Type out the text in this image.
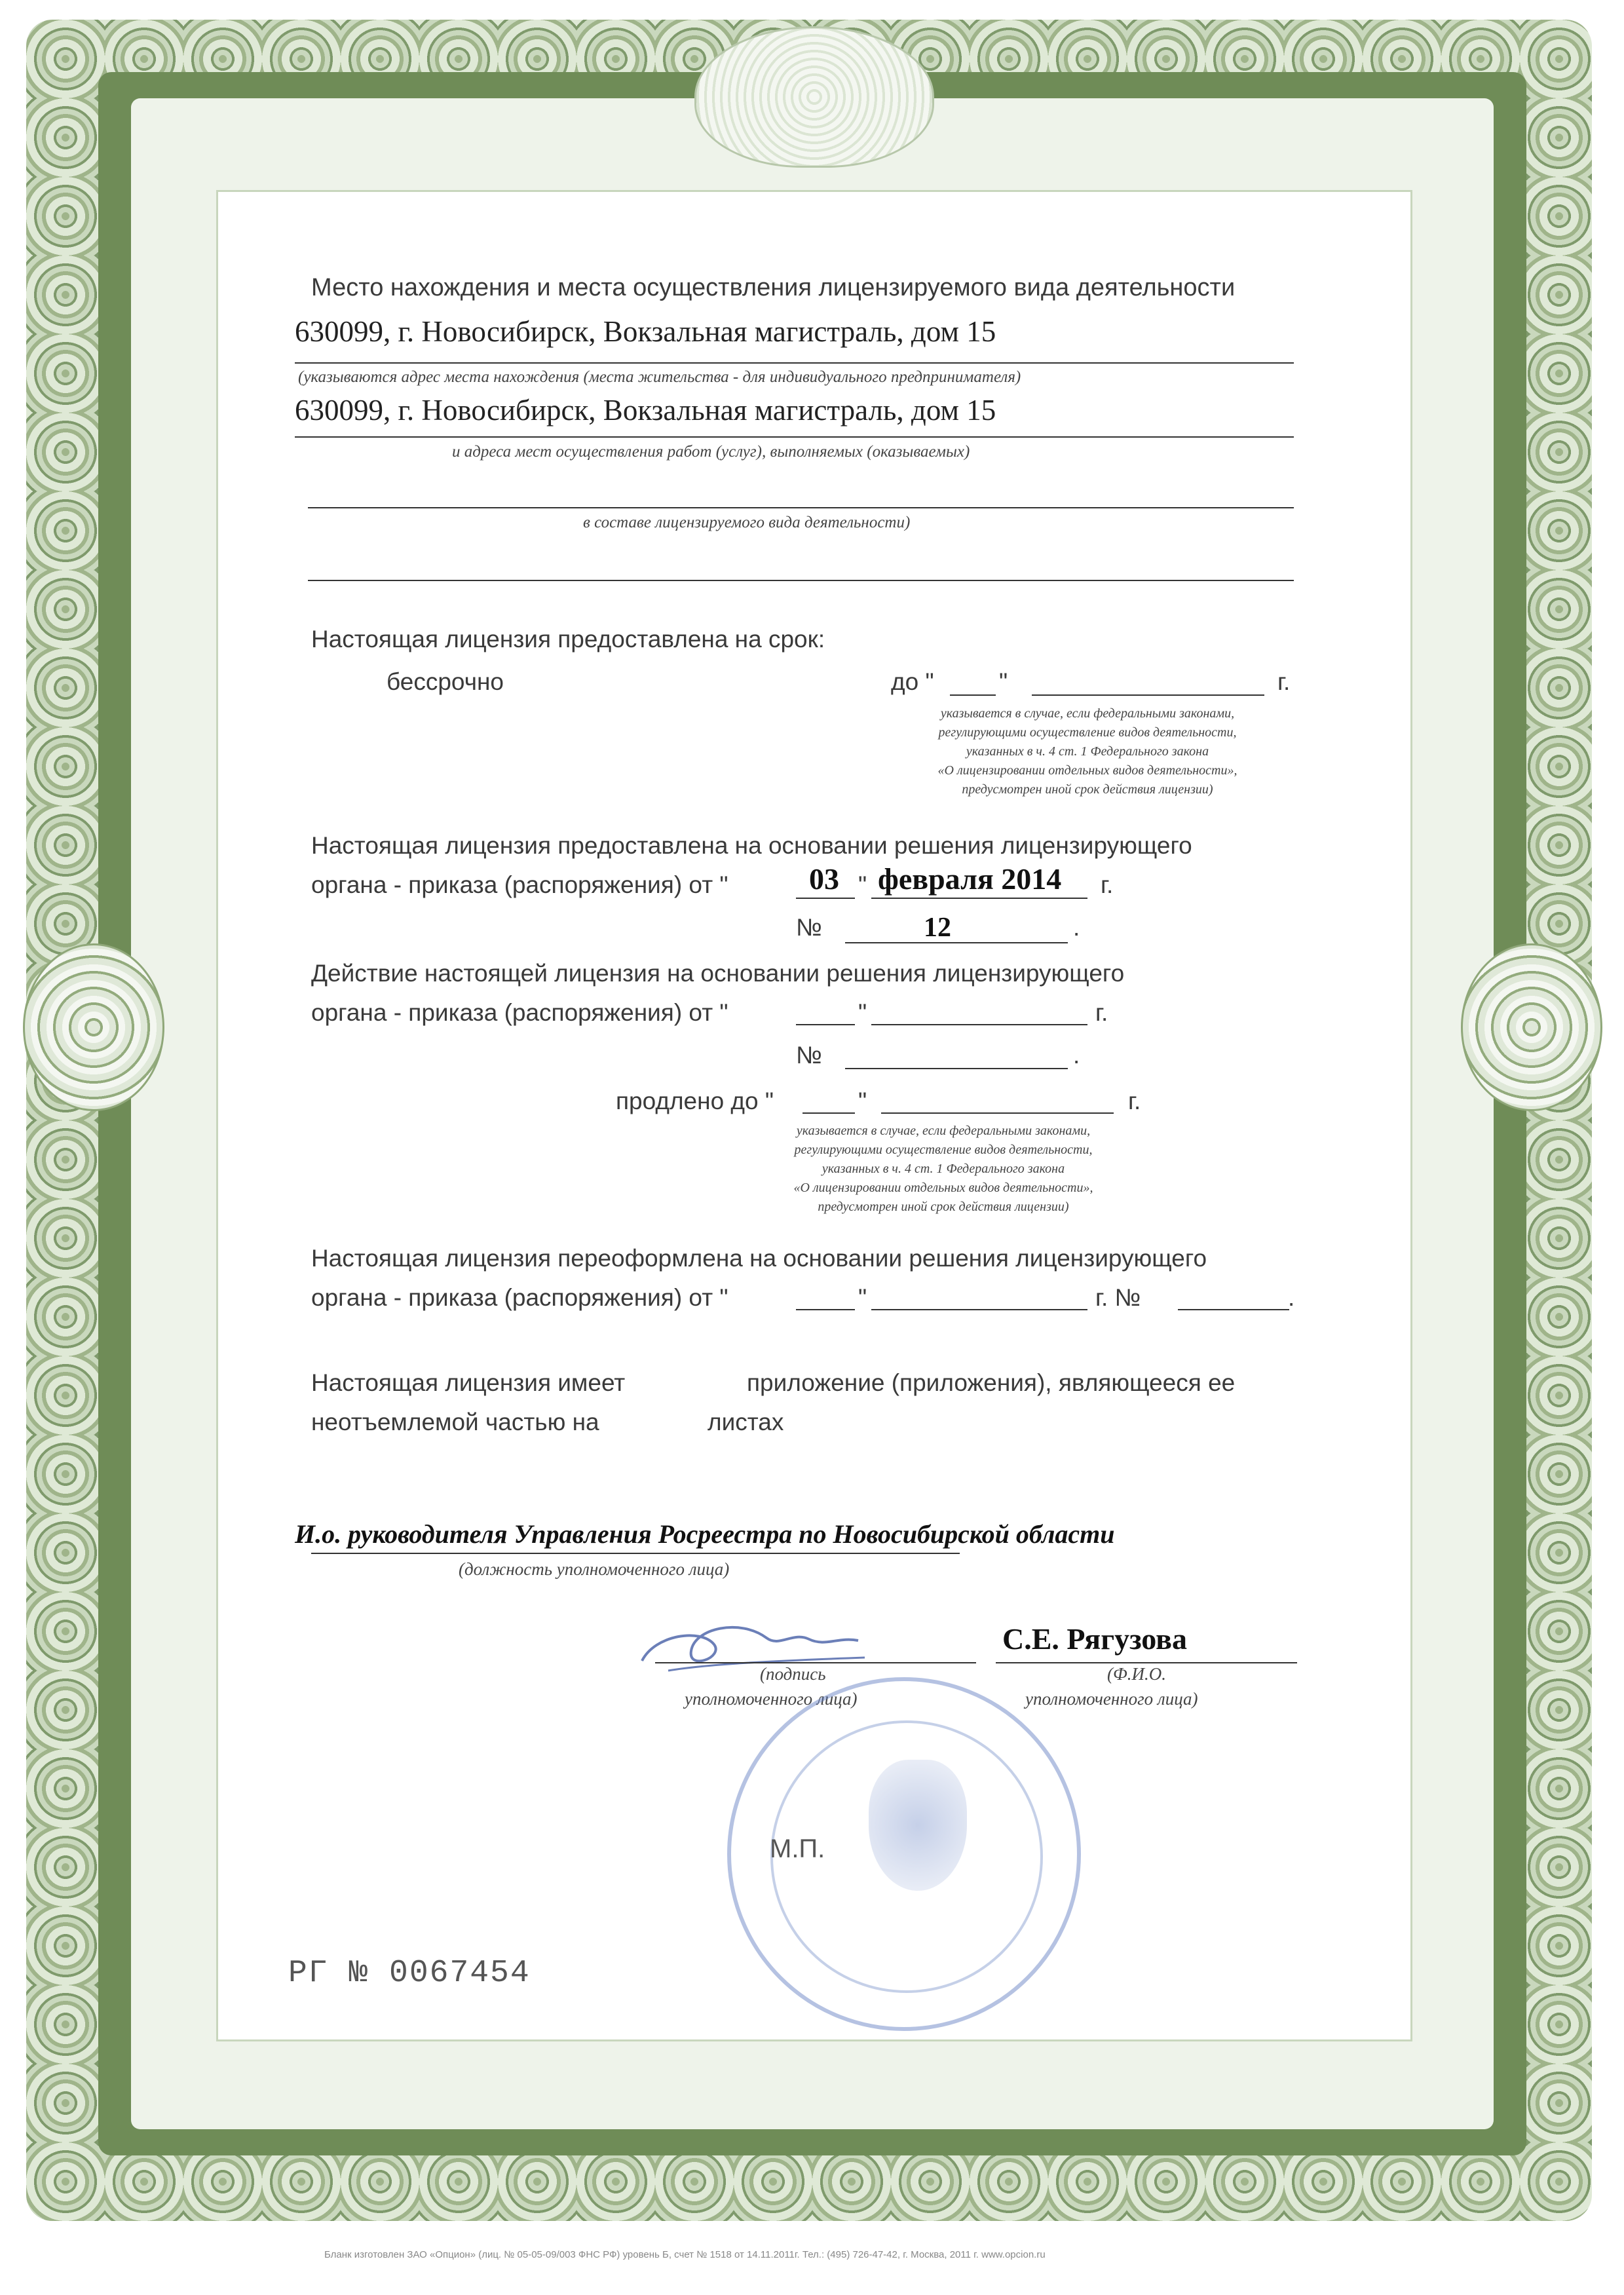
Место нахождения и места осуществления лицензируемого вида деятельности
630099, г. Новосибирск, Вокзальная магистраль, дом 15
(указываются адрес места нахождения (места жительства - для индивидуального предпринимателя)
630099, г. Новосибирск, Вокзальная магистраль, дом 15
и адреса мест осуществления работ (услуг), выполняемых (оказываемых)
в составе лицензируемого вида деятельности)
Настоящая лицензия предоставлена на срок:
бессрочно	до "	"	г.
указывается в случае, если федеральными законами,
регулирующими осуществление видов деятельности,
указанных в ч. 4 ст. 1 Федерального закона
«О лицензировании отдельных видов деятельности»,
предусмотрен иной срок действия лицензии)
Настоящая лицензия предоставлена на основании решения лицензирующего
органа - приказа (распоряжения) от "	03 " февраля 2014 г.
№	12	.
Действие настоящей лицензия на основании решения лицензирующего
органа - приказа (распоряжения) от "	"	г.
№	.
продлено до "	"	г.
указывается в случае, если федеральными законами,
регулирующими осуществление видов деятельности,
указанных в ч. 4 ст. 1 Федерального закона
«О лицензировании отдельных видов деятельности»,
предусмотрен иной срок действия лицензии)
Настоящая лицензия переоформлена на основании решения лицензирующего
органа - приказа (распоряжения) от "	"	г. №	.
Настоящая лицензия имеет	приложение (приложения), являющееся ее
неотъемлемой частью на	листах
И.о. руководителя Управления Росреестра по Новосибирской области
(должность уполномоченного лица)
(подпись
уполномоченного лица)
С.Е. Рягузова
(Ф.И.О.
уполномоченного лица)
М.П.
РГ № 0067454
Бланк изготовлен ЗАО «Опцион» (лиц. № 05-05-09/003 ФНС РФ) уровень Б, счет № 1518 от 14.11.2011г. Тел.: (495) 726-47-42, г. Москва, 2011 г. www.opcion.ru
